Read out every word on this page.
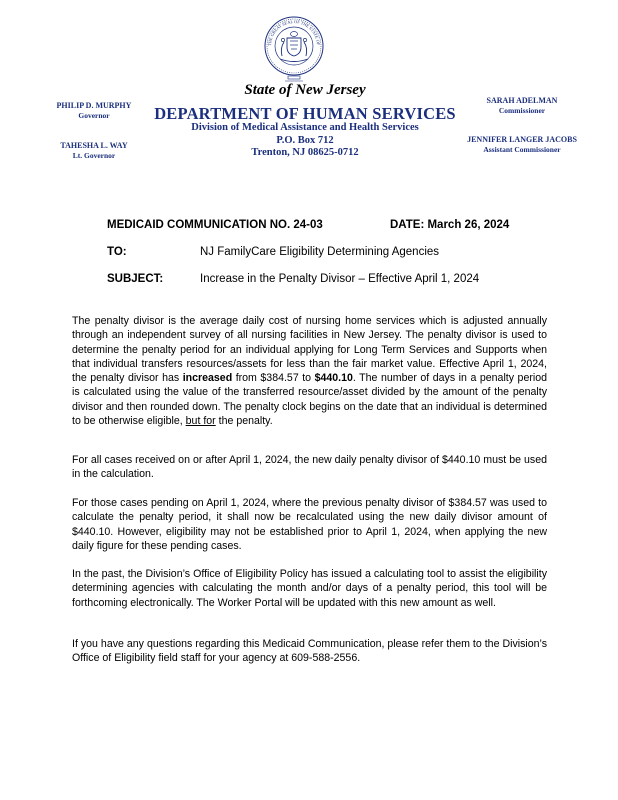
THE GREAT SEAL OF THE STATE OF
PHILIP D. MURPHY
Governor
TAHESHA L. WAY
Lt. Governor
SARAH ADELMAN
Commissioner
JENNIFER LANGER JACOBS
Assistant Commissioner
State of New Jersey
DEPARTMENT OF HUMAN SERVICES
Division of Medical Assistance and Health Services
P.O. Box 712
Trenton, NJ 08625-0712
MEDICAID COMMUNICATION NO. 24-03	DATE: March 26, 2024
TO:	NJ FamilyCare Eligibility Determining Agencies
SUBJECT:	Increase in the Penalty Divisor – Effective April 1, 2024

The penalty divisor is the average daily cost of nursing home services which is adjusted annually through an independent survey of all nursing facilities in New Jersey. The penalty divisor is used to determine the penalty period for an individual applying for Long Term Services and Supports when that individual transfers resources/assets for less than the fair market value. Effective April 1, 2024, the penalty divisor has increased from $384.57 to $440.10. The number of days in a penalty period is calculated using the value of the transferred resource/asset divided by the amount of the penalty divisor and then rounded down. The penalty clock begins on the date that an individual is determined to be otherwise eligible, but for the penalty.

For all cases received on or after April 1, 2024, the new daily penalty divisor of $440.10 must be used in the calculation.

For those cases pending on April 1, 2024, where the previous penalty divisor of $384.57 was used to calculate the penalty period, it shall now be recalculated using the new daily divisor amount of $440.10. However, eligibility may not be established prior to April 1, 2024, when applying the new daily figure for these pending cases.

In the past, the Division’s Office of Eligibility Policy has issued a calculating tool to assist the eligibility determining agencies with calculating the month and/or days of a penalty period, this tool will be forthcoming electronically. The Worker Portal will be updated with this new amount as well.

If you have any questions regarding this Medicaid Communication, please refer them to the Division’s Office of Eligibility field staff for your agency at 609-588-2556.
